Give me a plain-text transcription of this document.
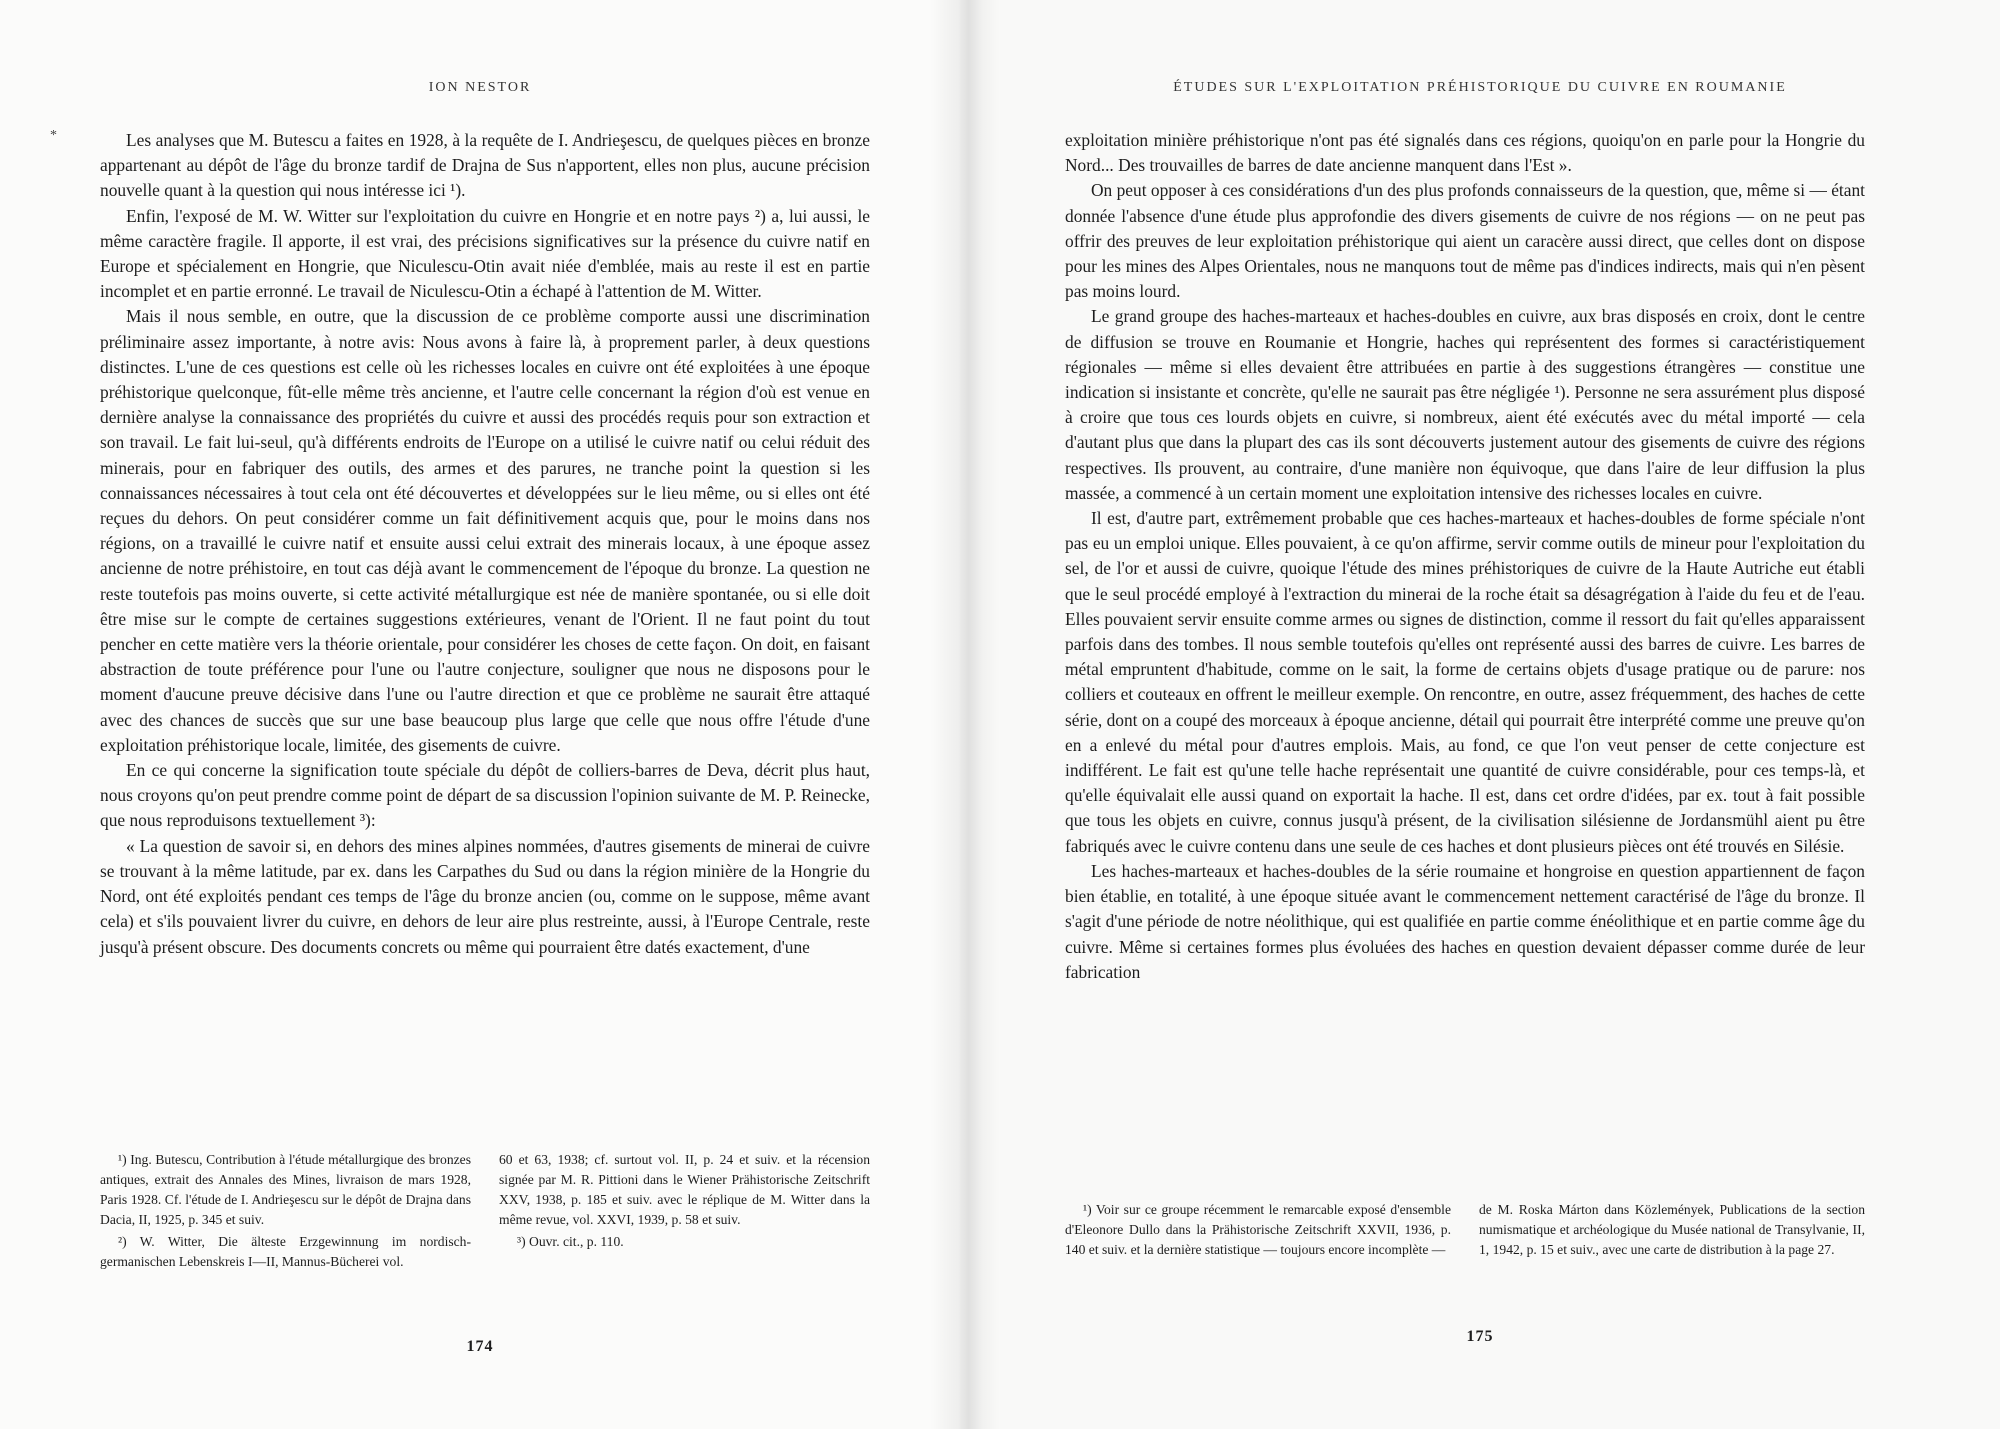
ION NESTOR
*	Les analyses que M. Butescu a faites en 1928, à la requête de I. Andrieşescu, de quelques pièces en bronze appartenant au dépôt de l'âge du bronze tardif de Drajna de Sus n'apportent, elles non plus, aucune précision nouvelle quant à la question qui nous intéresse ici ¹).

Enfin, l'exposé de M. W. Witter sur l'exploitation du cuivre en Hongrie et en notre pays ²) a, lui aussi, le même caractère fragile. Il apporte, il est vrai, des précisions significatives sur la présence du cuivre natif en Europe et spécialement en Hongrie, que Niculescu-Otin avait niée d'emblée, mais au reste il est en partie incomplet et en partie erronné. Le travail de Niculescu-Otin a échapé à l'attention de M. Witter.

Mais il nous semble, en outre, que la discussion de ce problème comporte aussi une discrimination préliminaire assez importante, à notre avis: Nous avons à faire là, à proprement parler, à deux questions distinctes. L'une de ces questions est celle où les richesses locales en cuivre ont été exploitées à une époque préhistorique quelconque, fût-elle même très ancienne, et l'autre celle concernant la région d'où est venue en dernière analyse la connaissance des propriétés du cuivre et aussi des procédés requis pour son extraction et son travail. Le fait lui-seul, qu'à différents endroits de l'Europe on a utilisé le cuivre natif ou celui réduit des minerais, pour en fabriquer des outils, des armes et des parures, ne tranche point la question si les connaissances nécessaires à tout cela ont été découvertes et développées sur le lieu même, ou si elles ont été reçues du dehors. On peut considérer comme un fait définitivement acquis que, pour le moins dans nos régions, on a travaillé le cuivre natif et ensuite aussi celui extrait des minerais locaux, à une époque assez ancienne de notre préhistoire, en tout cas déjà avant le commencement de l'époque du bronze. La question ne reste toutefois pas moins ouverte, si cette activité métallurgique est née de manière spontanée, ou si elle doit être mise sur le compte de certaines suggestions extérieures, venant de l'Orient. Il ne faut point du tout pencher en cette matière vers la théorie orientale, pour considérer les choses de cette façon. On doit, en faisant abstraction de toute préférence pour l'une ou l'autre conjecture, souligner que nous ne disposons pour le moment d'aucune preuve décisive dans l'une ou l'autre direction et que ce problème ne saurait être attaqué avec des chances de succès que sur une base beaucoup plus large que celle que nous offre l'étude d'une exploitation préhistorique locale, limitée, des gisements de cuivre.

En ce qui concerne la signification toute spéciale du dépôt de colliers-barres de Deva, décrit plus haut, nous croyons qu'on peut prendre comme point de départ de sa discussion l'opinion suivante de M. P. Reinecke, que nous reproduisons textuellement ³):

« La question de savoir si, en dehors des mines alpines nommées, d'autres gisements de minerai de cuivre se trouvant à la même latitude, par ex. dans les Carpathes du Sud ou dans la région minière de la Hongrie du Nord, ont été exploités pendant ces temps de l'âge du bronze ancien (ou, comme on le suppose, même avant cela) et s'ils pouvaient livrer du cuivre, en dehors de leur aire plus restreinte, aussi, à l'Europe Centrale, reste jusqu'à présent obscure. Des documents concrets ou même qui pourraient être datés exactement, d'une

¹) Ing. Butescu, Contribution à l'étude métallurgique des bronzes antiques, extrait des Annales des Mines, livraison de mars 1928, Paris 1928. Cf. l'étude de I. Andrieşescu sur le dépôt de Drajna dans Dacia, II, 1925, p. 345 et suiv.

²) W. Witter, Die älteste Erzgewinnung im nordisch-germanischen Lebenskreis I—II, Mannus-Bücherei vol.

60 et 63, 1938; cf. surtout vol. II, p. 24 et suiv. et la récension signée par M. R. Pittioni dans le Wiener Prähistorische Zeitschrift XXV, 1938, p. 185 et suiv. avec le réplique de M. Witter dans la même revue, vol. XXVI, 1939, p. 58 et suiv.

³) Ouvr. cit., p. 110.

174
ÉTUDES SUR L'EXPLOITATION PRÉHISTORIQUE DU CUIVRE EN ROUMANIE

exploitation minière préhistorique n'ont pas été signalés dans ces régions, quoiqu'on en parle pour la Hongrie du Nord... Des trouvailles de barres de date ancienne manquent dans l'Est ».

On peut opposer à ces considérations d'un des plus profonds connaisseurs de la question, que, même si — étant donnée l'absence d'une étude plus approfondie des divers gisements de cuivre de nos régions — on ne peut pas offrir des preuves de leur exploitation préhistorique qui aient un caracère aussi direct, que celles dont on dispose pour les mines des Alpes Orientales, nous ne manquons tout de même pas d'indices indirects, mais qui n'en pèsent pas moins lourd.

Le grand groupe des haches-marteaux et haches-doubles en cuivre, aux bras disposés en croix, dont le centre de diffusion se trouve en Roumanie et Hongrie, haches qui représentent des formes si caractéristiquement régionales — même si elles devaient être attribuées en partie à des suggestions étrangères — constitue une indication si insistante et concrète, qu'elle ne saurait pas être négligée ¹). Personne ne sera assurément plus disposé à croire que tous ces lourds objets en cuivre, si nombreux, aient été exécutés avec du métal importé — cela d'autant plus que dans la plupart des cas ils sont découverts justement autour des gisements de cuivre des régions respectives. Ils prouvent, au contraire, d'une manière non équivoque, que dans l'aire de leur diffusion la plus massée, a commencé à un certain moment une exploitation intensive des richesses locales en cuivre.

Il est, d'autre part, extrêmement probable que ces haches-marteaux et haches-doubles de forme spéciale n'ont pas eu un emploi unique. Elles pouvaient, à ce qu'on affirme, servir comme outils de mineur pour l'exploitation du sel, de l'or et aussi de cuivre, quoique l'étude des mines préhistoriques de cuivre de la Haute Autriche eut établi que le seul procédé employé à l'extraction du minerai de la roche était sa désagrégation à l'aide du feu et de l'eau. Elles pouvaient servir ensuite comme armes ou signes de distinction, comme il ressort du fait qu'elles apparaissent parfois dans des tombes. Il nous semble toutefois qu'elles ont représenté aussi des barres de cuivre. Les barres de métal empruntent d'habitude, comme on le sait, la forme de certains objets d'usage pratique ou de parure: nos colliers et couteaux en offrent le meilleur exemple. On rencontre, en outre, assez fréquemment, des haches de cette série, dont on a coupé des morceaux à époque ancienne, détail qui pourrait être interprété comme une preuve qu'on en a enlevé du métal pour d'autres emplois. Mais, au fond, ce que l'on veut penser de cette conjecture est indifférent. Le fait est qu'une telle hache représentait une quantité de cuivre considérable, pour ces temps-là, et qu'elle équivalait elle aussi quand on exportait la hache. Il est, dans cet ordre d'idées, par ex. tout à fait possible que tous les objets en cuivre, connus jusqu'à présent, de la civilisation silésienne de Jordansmühl aient pu être fabriqués avec le cuivre contenu dans une seule de ces haches et dont plusieurs pièces ont été trouvés en Silésie.

Les haches-marteaux et haches-doubles de la série roumaine et hongroise en question appartiennent de façon bien établie, en totalité, à une époque située avant le commencement nettement caractérisé de l'âge du bronze. Il s'agit d'une période de notre néolithique, qui est qualifiée en partie comme énéolithique et en partie comme âge du cuivre. Même si certaines formes plus évoluées des haches en question devaient dépasser comme durée de leur fabrication

¹) Voir sur ce groupe récemment le remarcable exposé d'ensemble d'Eleonore Dullo dans la Prähistorische Zeitschrift XXVII, 1936, p. 140 et suiv. et la dernière statistique — toujours encore incomplète —

de M. Roska Márton dans Közlemények, Publications de la section numismatique et archéologique du Musée national de Transylvanie, II, 1, 1942, p. 15 et suiv., avec une carte de distribution à la page 27.

175
